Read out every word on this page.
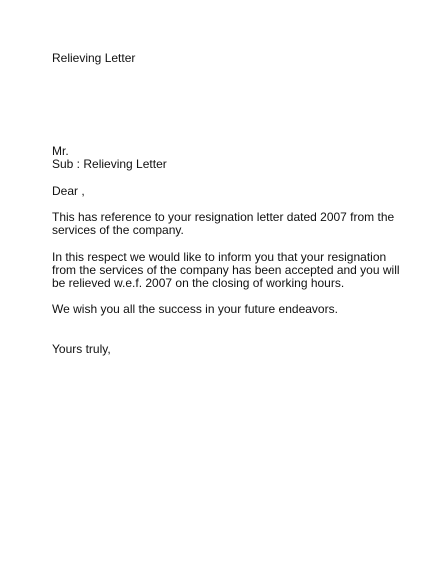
Relieving Letter

Mr.

Sub : Relieving Letter

Dear ,

This has reference to your resignation letter dated 2007 from the

services of the company.

In this respect we would like to inform you that your resignation

from the services of the company has been accepted and you will

be relieved w.e.f. 2007 on the closing of working hours.

We wish you all the success in your future endeavors.

Yours truly,
